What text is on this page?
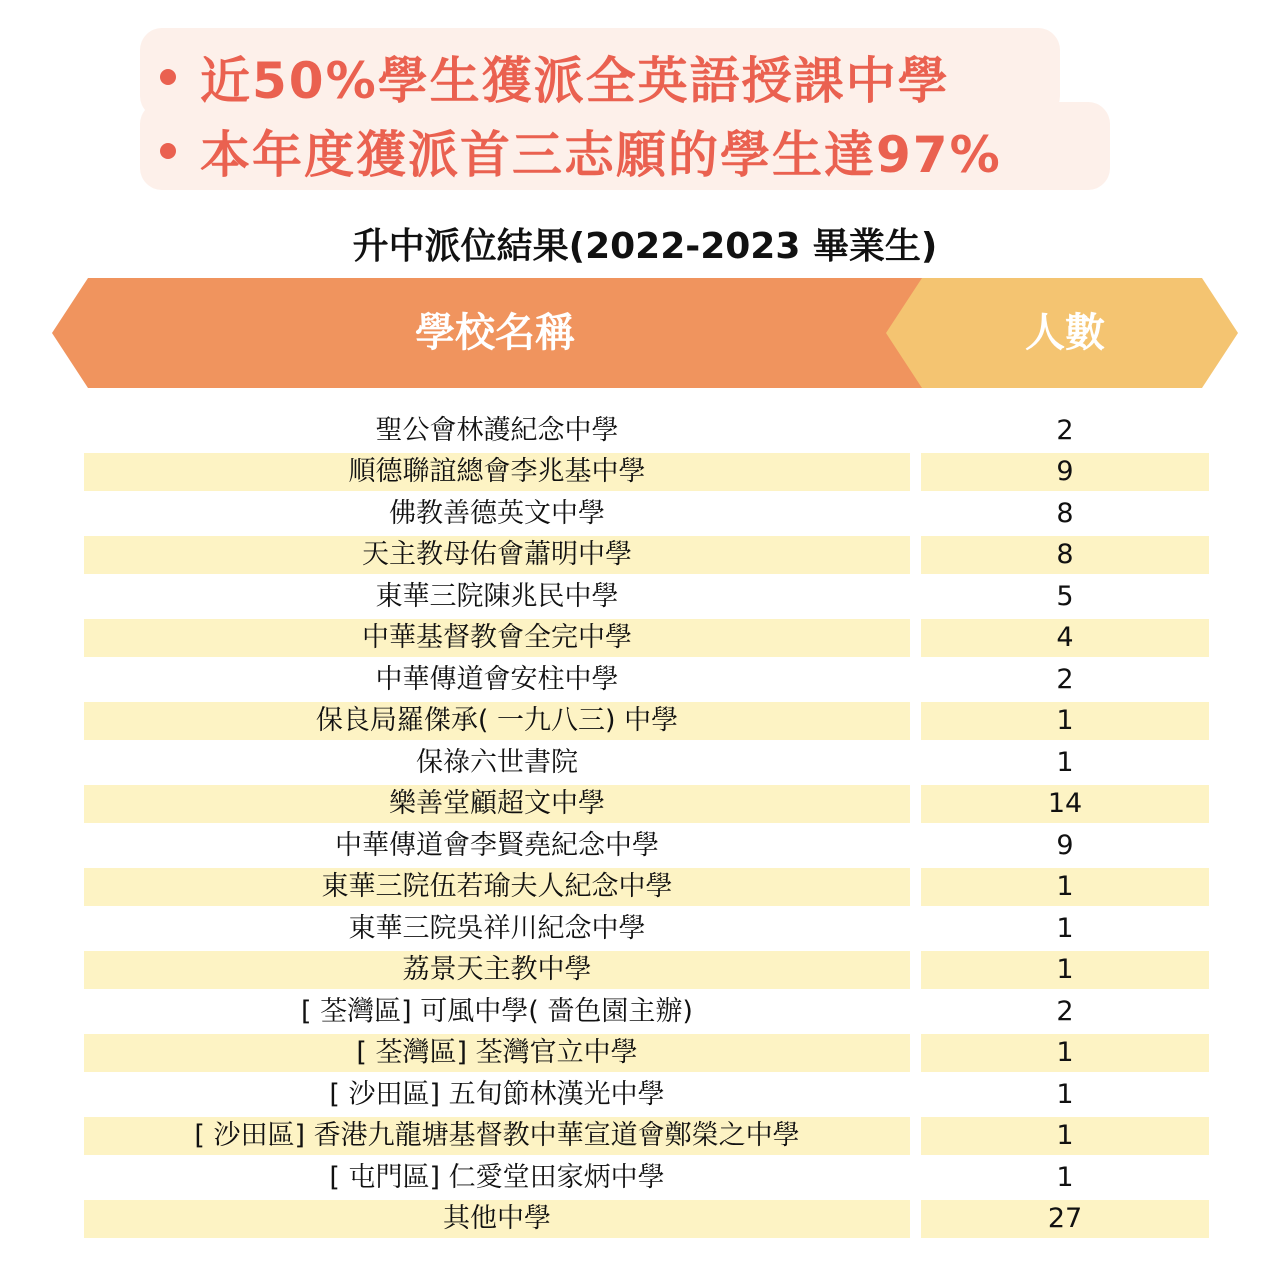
近50%學生獲派全英語授課中學
本年度獲派首三志願的學生達97%
升中派位結果(2022-2023 畢業生)
學校名稱	人數
聖公會林護紀念中學	2
順德聯誼總會李兆基中學	9
佛教善德英文中學	8
天主教母佑會蕭明中學	8
東華三院陳兆民中學	5
中華基督教會全完中學	4
中華傳道會安柱中學	2
保良局羅傑承( 一九八三) 中學	1
保祿六世書院	1
樂善堂顧超文中學	14
中華傳道會李賢堯紀念中學	9
東華三院伍若瑜夫人紀念中學	1
東華三院吳祥川紀念中學	1
荔景天主教中學	1
[ 荃灣區] 可風中學( 嗇色園主辦)	2
[ 荃灣區] 荃灣官立中學	1
[ 沙田區] 五旬節林漢光中學	1
[ 沙田區] 香港九龍塘基督教中華宣道會鄭榮之中學	1
[ 屯門區] 仁愛堂田家炳中學	1
其他中學	27
